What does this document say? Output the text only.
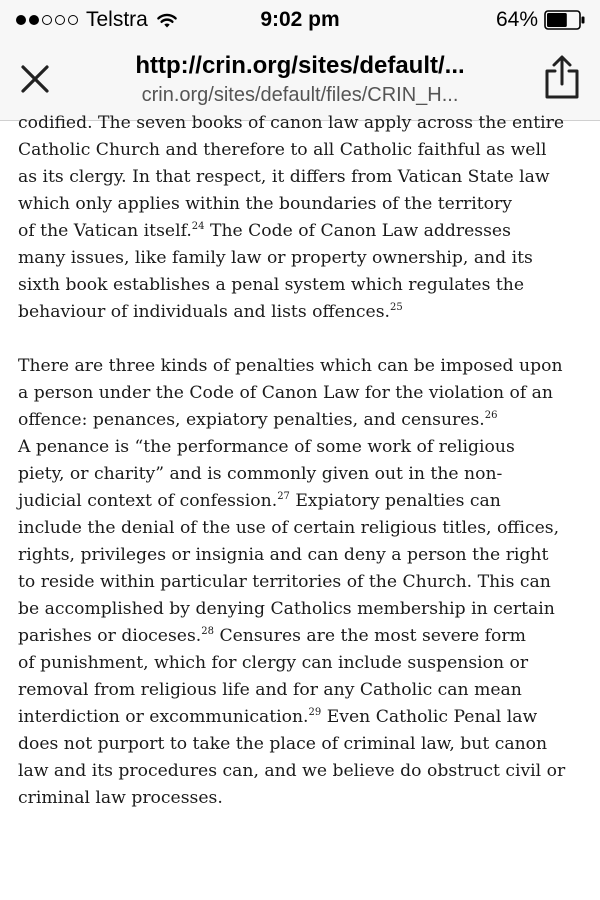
Telstra	9:02 pm	64%
http://crin.org/sites/default/...
crin.org/sites/default/files/CRIN_H...
codified. The seven books of canon law apply across the entire
Catholic Church and therefore to all Catholic faithful as well
as its clergy. In that respect, it differs from Vatican State law
which only applies within the boundaries of the territory
of the Vatican itself.$^{24}$ The Code of Canon Law addresses
many issues, like family law or property ownership, and its
sixth book establishes a penal system which regulates the
behaviour of individuals and lists offences.$^{25}$
There are three kinds of penalties which can be imposed upon
a person under the Code of Canon Law for the violation of an
offence: penances, expiatory penalties, and censures.$^{26}$
A penance is “the performance of some work of religious
piety, or charity” and is commonly given out in the non-
judicial context of confession.$^{27}$ Expiatory penalties can
include the denial of the use of certain religious titles, offices,
rights, privileges or insignia and can deny a person the right
to reside within particular territories of the Church. This can
be accomplished by denying Catholics membership in certain
parishes or dioceses.$^{28}$ Censures are the most severe form
of punishment, which for clergy can include suspension or
removal from religious life and for any Catholic can mean
interdiction or excommunication.$^{29}$ Even Catholic Penal law
does not purport to take the place of criminal law, but canon
law and its procedures can, and we believe do obstruct civil or
criminal law processes.
